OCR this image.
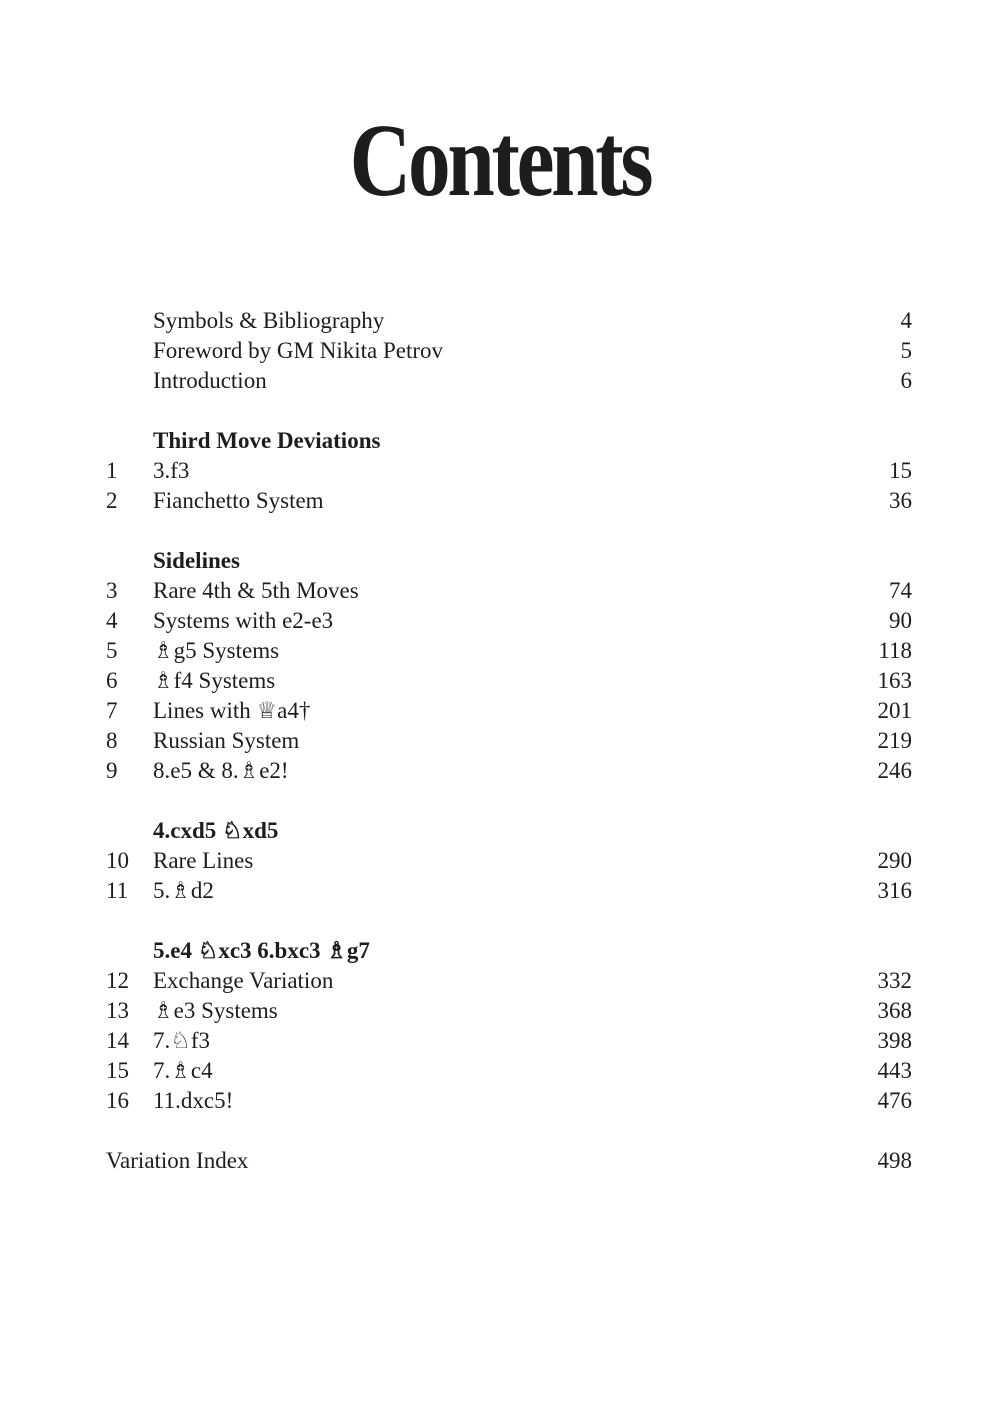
Contents
Symbols & Bibliography	4
Foreword by GM Nikita Petrov	5
Introduction	6
Third Move Deviations
1	3.f3	15
2	Fianchetto System	36
Sidelines
3	Rare 4th & 5th Moves	74
4	Systems with e2-e3	90
5	♗g5 Systems	118
6	♗f4 Systems	163
7	Lines with ♕a4†	201
8	Russian System	219
9	8.e5 & 8.♗e2!	246
4.cxd5 ♘xd5
10	Rare Lines	290
11	5.♗d2	316
5.e4 ♘xc3 6.bxc3 ♗g7
12	Exchange Variation	332
13	♗e3 Systems	368
14	7.♘f3	398
15	7.♗c4	443
16	11.dxc5!	476
Variation Index	498
